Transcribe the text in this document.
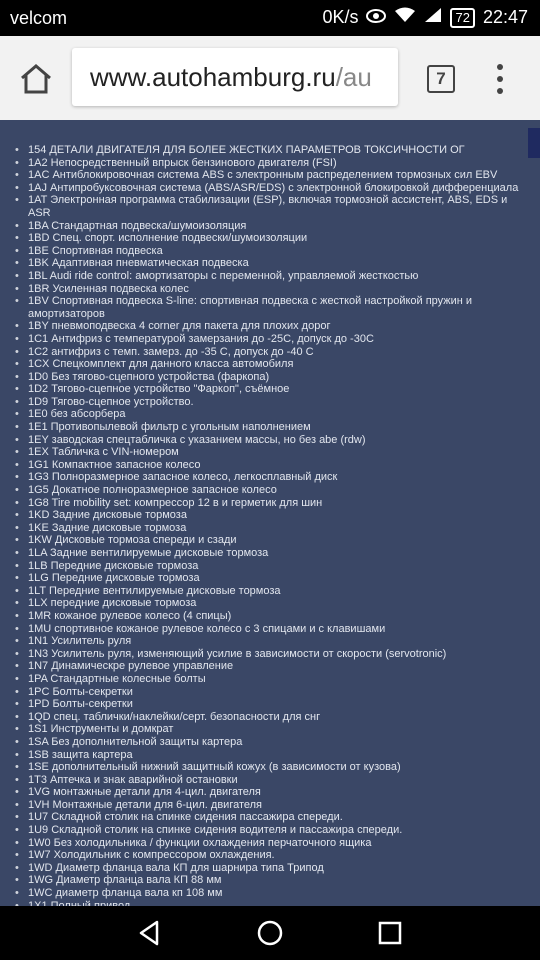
velcom	0K/s	72 22:47
www.autohamburg.ru/au	7
• 154 ДЕТАЛИ ДВИГАТЕЛЯ ДЛЯ БОЛЕЕ ЖЕСТКИХ ПАРАМЕТРОВ ТОКСИЧНОСТИ ОГ
• 1A2 Непосредственный впрыск бензинового двигателя (FSI)
• 1AC Антиблокировочная система ABS с электронным распределением тормозных сил EBV
• 1AJ Антипробуксовочная система (ABS/ASR/EDS) с электронной блокировкой дифференциала
• 1AT Электронная программа стабилизации (ESP), включая тормозной ассистент, ABS, EDS и ASR
• 1BA Стандартная подвеска/шумоизоляция
• 1BD Спец. спорт. исполнение подвески/шумоизоляции
• 1BE Спортивная подвеска
• 1BK Адаптивная пневматическая подвеска
• 1BL Audi ride control: амортизаторы с переменной, управляемой жесткостью
• 1BR Усиленная подвеска колес
• 1BV Спортивная подвеска S-line: спортивная подвеска с жесткой настройкой пружин и амортизаторов
• 1BY пневмоподвеска 4 corner для пакета для плохих дорог
• 1C1 Антифриз с температурой замерзания до -25С, допуск до -30С
• 1C2 антифриз с темп. замерз. до -35 С, допуск до -40 С
• 1CX Спецкомплект для данного класса автомобиля
• 1D0 Без тягово-сцепного устройства (фаркопа)
• 1D2 Тягово-сцепное устройство "Фаркоп", съёмное
• 1D9 Тягово-сцепное устройство.
• 1E0 без абсорбера
• 1E1 Противопылевой фильтр с угольным наполнением
• 1EY заводская спецтабличка с указанием массы, но без abe (rdw)
• 1EX Табличка с VIN-номером
• 1G1 Компактное запасное колесо
• 1G3 Полноразмерное запасное колесо, легкосплавный диск
• 1G5 Докатное полноразмерное запасное колесо
• 1G8 Tire mobility set: компрессор 12 в и герметик для шин
• 1KD Задние дисковые тормоза
• 1KE Задние дисковые тормоза
• 1KW Дисковые тормоза спереди и сзади
• 1LA Задние вентилируемые дисковые тормоза
• 1LB Передние дисковые тормоза
• 1LG Передние дисковые тормоза
• 1LT Передние вентилируемые дисковые тормоза
• 1LX передние дисковые тормоза
• 1MR кожаное рулевое колесо (4 спицы)
• 1MU спортивное кожаное рулевое колесо с 3 спицами и с клавишами
• 1N1 Усилитель руля
• 1N3 Усилитель руля, изменяющий усилие в зависимости от скорости (servotronic)
• 1N7 Динамическре рулевое управление
• 1PA Стандартные колесные болты
• 1PC Болты-секретки
• 1PD Болты-секретки
• 1QD спец. таблички/наклейки/серт. безопасности для снг
• 1S1 Инструменты и домкрат
• 1SA Без дополнительной защиты картера
• 1SB защита картера
• 1SE дополнительный нижний защитный кожух (в зависимости от кузова)
• 1T3 Аптечка и знак аварийной остановки
• 1VG монтажные детали для 4-цил. двигателя
• 1VH Монтажные детали для 6-цил. двигателя
• 1U7 Складной столик на спинке сидения пассажира спереди.
• 1U9 Складной столик на спинке сидения водителя и пассажира спереди.
• 1W0 Без холодильника / функции охлаждения перчаточного ящика
• 1W7 Холодильник с компрессором охлаждения.
• 1WD Диаметр фланца вала КП для шарнира типа Трипод
• 1WG Диаметр фланца вала КП 88 мм
• 1WC диаметр фланца вала кп 108 мм
•
•
